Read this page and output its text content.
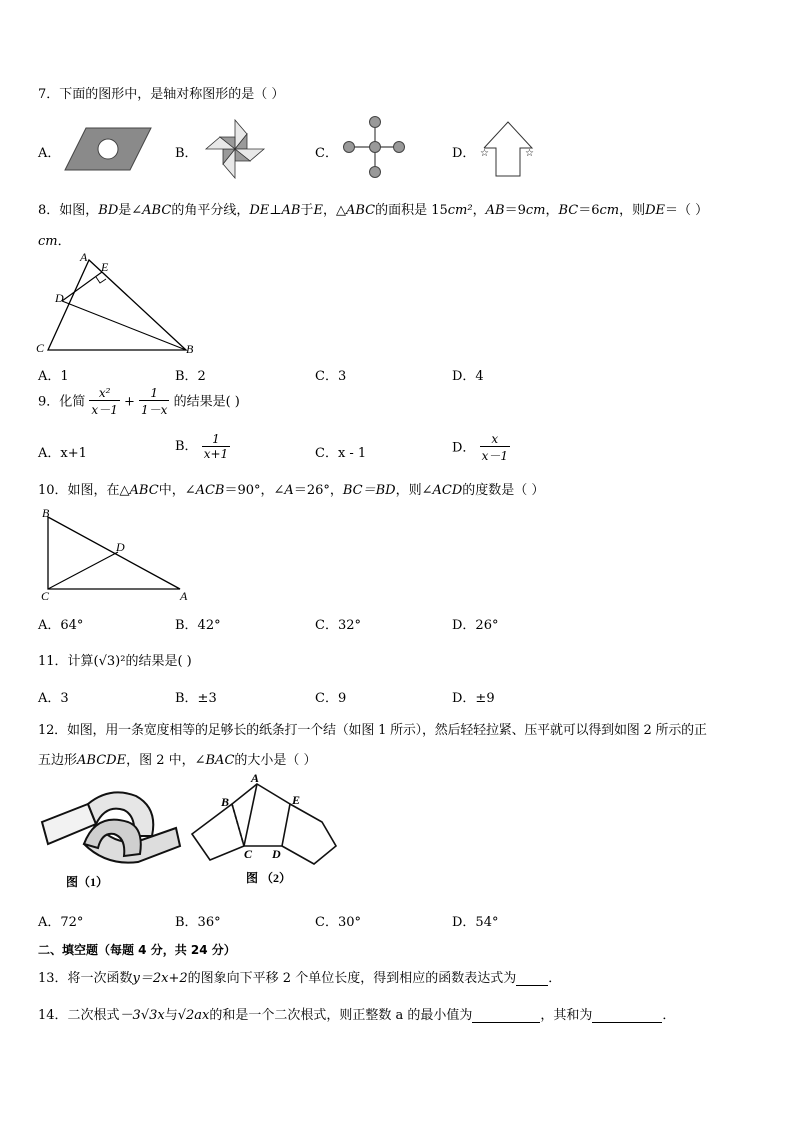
7．下面的图形中，是轴对称图形的是（ ）
A．	B．	C．	D． ☆	☆
8．如图，BD是∠ABC的角平分线，DE⊥AB于E，△ABC的面积是 15cm²，AB＝9cm，BC＝6cm，则DE＝（ ）
cm．
A
E
D
C	B
A．1	B．2	C．3	D．4
9．化简 $\frac{\text{x²}}{x-1} + \frac{1}{1-x}$ 的结果是( )
A．x+1	B． $\frac{1}{x+1}$	C．x - 1	D． $\frac{x}{x-1}$
10．如图，在△ABC中，∠ACB＝90°，∠A＝26°，BC＝BD，则∠ACD的度数是（ ）
B
D
C	A
A．64°	B．42°	C．32°	D．26°
11．计算(√3)²的结果是( )
A．3	B．±3	C．9	D．±9
12．如图，用一条宽度相等的足够长的纸条打一个结（如图 1 所示），然后轻轻拉紧、压平就可以得到如图 2 所示的正
五边形ABCDE，图 2 中，∠BAC的大小是（ ）
图（1）
A
B
C D
E
图 （2）
A．72°	B．36°	C．30°	D．54°
二、填空题（每题 4 分，共 24 分）
13．将一次函数y＝2x+2的图象向下平移 2 个单位长度，得到相应的函数表达式为 ．
14．二次根式－3√3x与√2ax的和是一个二次根式，则正整数 a 的最小值为	，其和为	．
